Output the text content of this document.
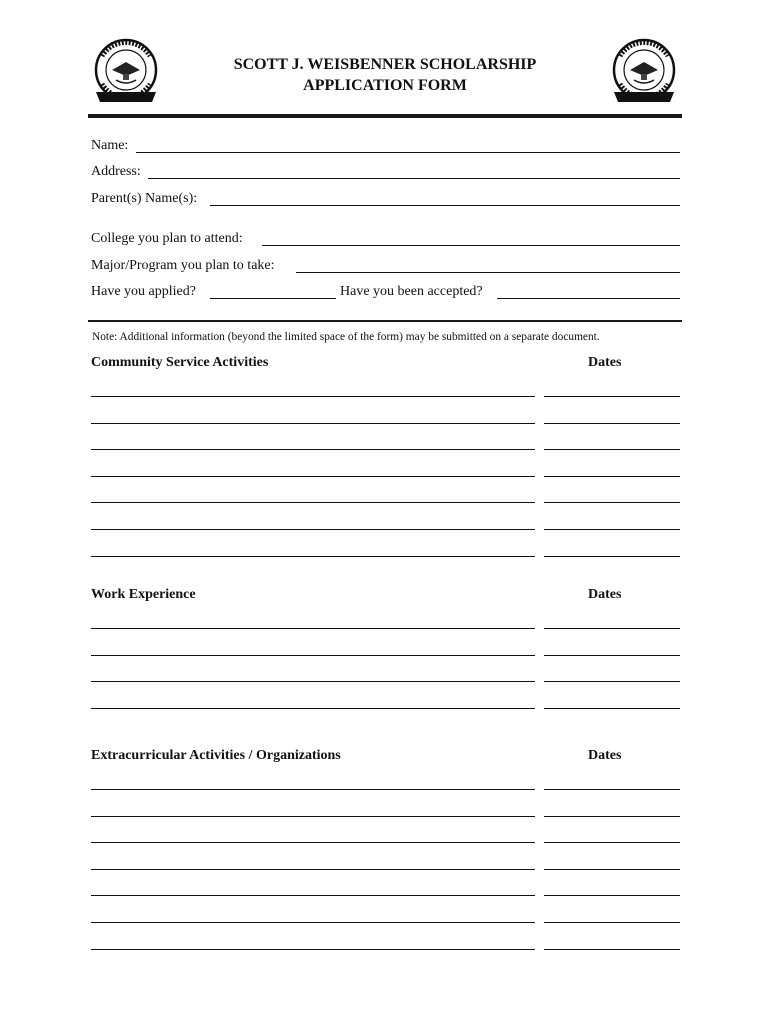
SCOTT J. WEISBENNER SCHOLARSHIP
APPLICATION FORM
Name:
Address:
Parent(s) Name(s):
College you plan to attend:
Major/Program you plan to take:
Have you applied?	Have you been accepted?
Note: Additional information (beyond the limited space of the form) may be submitted on a separate document.
Community Service Activities	Dates
Work Experience	Dates
Extracurricular Activities / Organizations	Dates
